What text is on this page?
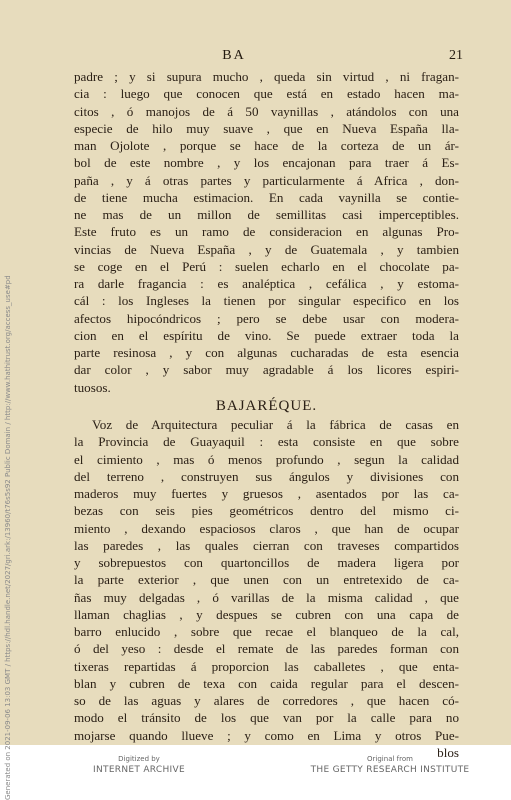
BA	21

padre ; y si supura mucho , queda sin virtud , ni fragan-
cia : luego que conocen que está en estado hacen ma-
citos , ó manojos de á 50 vaynillas , atándolos con una
especie de hilo muy suave , que en Nueva España lla-
man Ojolote , porque se hace de la corteza de un ár-
bol de este nombre , y los encajonan para traer á Es-
paña , y á otras partes y particularmente á Africa , don-
de tiene mucha estimacion. En cada vaynilla se contie-
ne mas de un millon de semillitas casi imperceptibles.
Este fruto es un ramo de consideracion en algunas Pro-
vincias de Nueva España , y de Guatemala , y tambien
se coge en el Perú : suelen echarlo en el chocolate pa-
ra darle fragancia : es analéptica , cefálica , y estoma-
cál : los Ingleses la tienen por singular especifico en los
afectos hipocóndricos ; pero se debe usar con modera-
cion en el espíritu de vino. Se puede extraer toda la
parte resinosa , y con algunas cucharadas de esta esencia
dar color , y sabor muy agradable á los licores espiri-
tuosos.

BAJARÉQUE.

Voz de Arquitectura peculiar á la fábrica de casas en
la Provincia de Guayaquil : esta consiste en que sobre
el cimiento , mas ó menos profundo , segun la calidad
del terreno , construyen sus ángulos y divisiones con
maderos muy fuertes y gruesos , asentados por las ca-
bezas con seis pies geométricos dentro del mismo ci-
miento , dexando espaciosos claros , que han de ocupar
las paredes , las quales cierran con traveses compartidos
y sobrepuestos con quartoncillos de madera ligera por
la parte exterior , que unen con un entretexido de ca-
ñas muy delgadas , ó varillas de la misma calidad , que
llaman chaglias , y despues se cubren con una capa de
barro enlucido , sobre que recae el blanqueo de la cal,
ó del yeso : desde el remate de las paredes forman con
tixeras repartidas á proporcion las caballetes , que enta-
blan y cubren de texa con caida regular para el descen-
so de las aguas y alares de corredores , que hacen có-
modo el tránsito de los que van por la calle para no
mojarse quando llueve ; y como en Lima y otros Pue-
blos

Generated on 2021-09-06 13:03 GMT / https://hdl.handle.net/2027/gri.ark:/13960/t76s5s92 Public Domain / http://www.hathitrust.org/access_use#pd	Digitized by
INTERNET ARCHIVE
Original from
THE GETTY RESEARCH INSTITUTE
